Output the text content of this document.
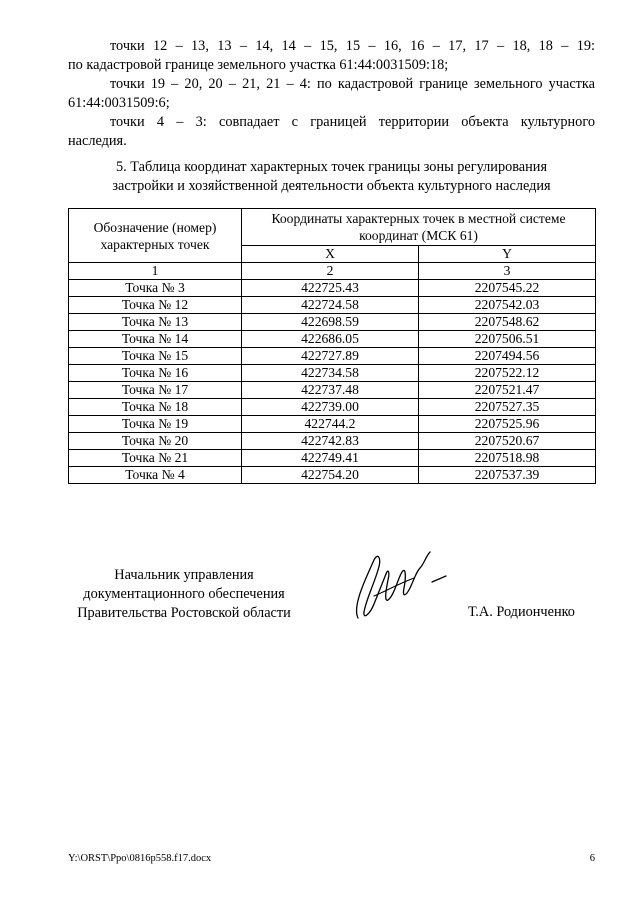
точки 12 – 13, 13 – 14, 14 – 15, 15 – 16, 16 – 17, 17 – 18, 18 – 19:

по кадастровой границе земельного участка 61:44:0031509:18;

точки 19 – 20, 20 – 21, 21 – 4: по кадастровой границе земельного участка

61:44:0031509:6;

точки 4 – 3: совпадает с границей территории объекта культурного

наследия.

5. Таблица координат характерных точек границы зоны регулирования
застройки и хозяйственной деятельности объекта культурного наследия
Обозначение (номер) характерных точек	Координаты характерных точек в местной системе координат (МСК 61)	
	X	Y
1	2	3
Точка № 3	422725.43	2207545.22
Точка № 12	422724.58	2207542.03
Точка № 13	422698.59	2207548.62
Точка № 14	422686.05	2207506.51
Точка № 15	422727.89	2207494.56
Точка № 16	422734.58	2207522.12
Точка № 17	422737.48	2207521.47
Точка № 18	422739.00	2207527.35
Точка № 19	422744.2	2207525.96
Точка № 20	422742.83	2207520.67
Точка № 21	422749.41	2207518.98
Точка № 4	422754.20	2207537.39
Начальник управления
документационного обеспечения
Правительства Ростовской области	Т.А. Родионченко
Y:\ORST\Ppo\0816p558.f17.docx	6
